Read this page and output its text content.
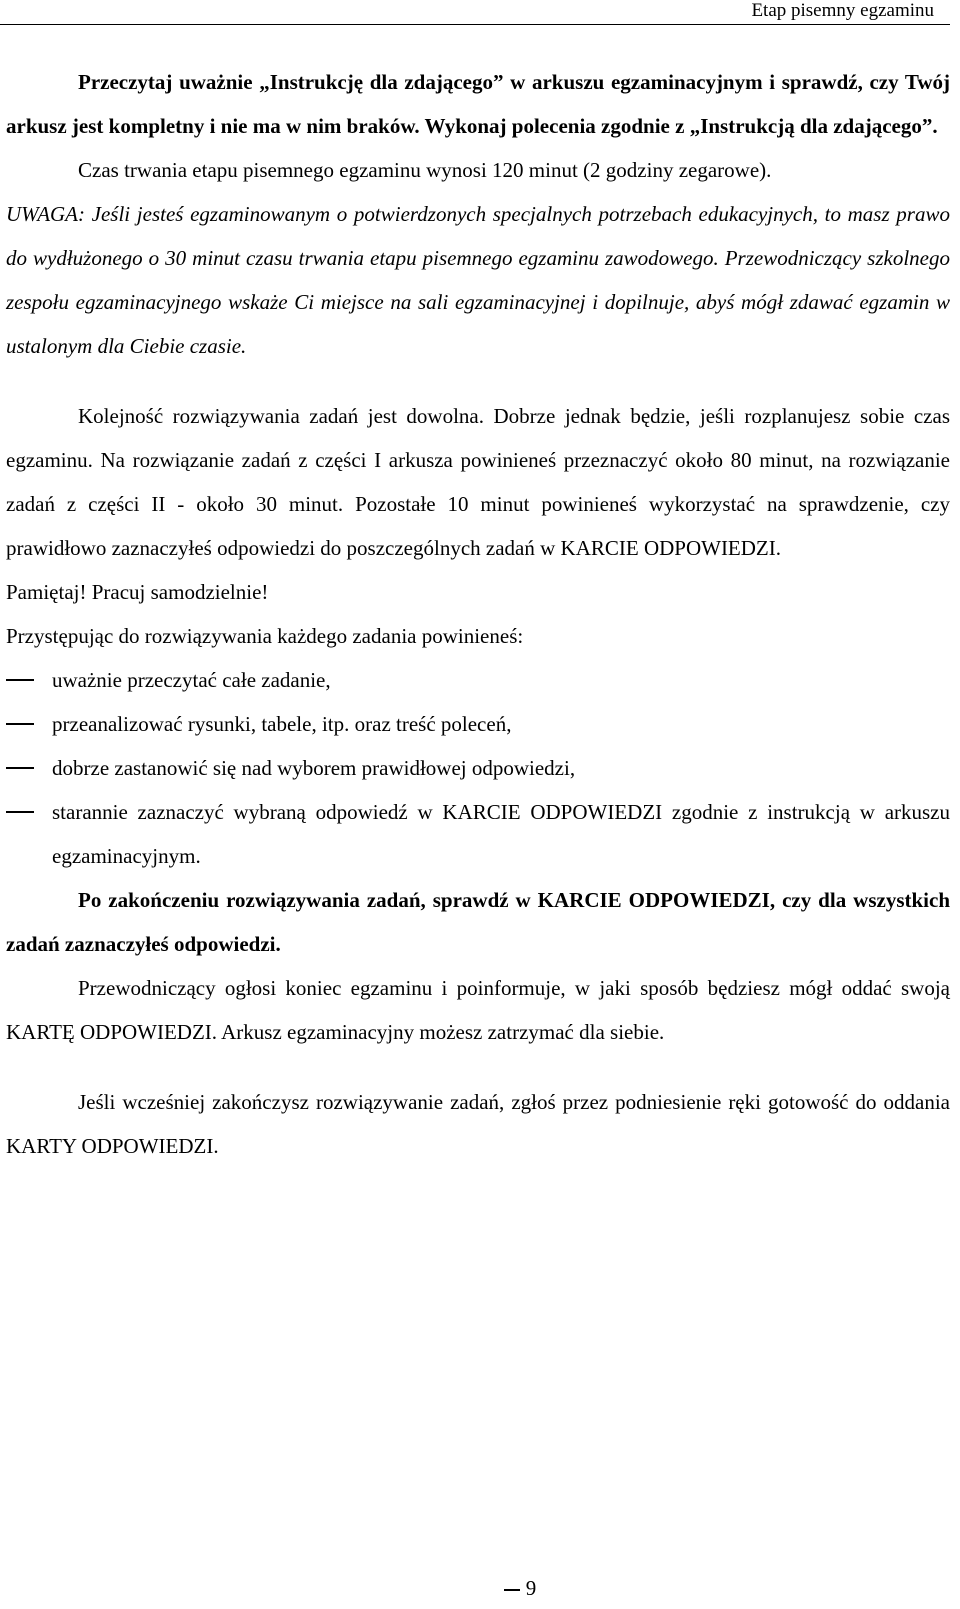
Etap pisemny egzaminu

Przeczytaj uważnie „Instrukcję dla zdającego” w arkuszu egzaminacyjnym i sprawdź, czy Twój arkusz jest kompletny i nie ma w nim braków. Wykonaj polecenia zgodnie z „Instrukcją dla zdającego”.

Czas trwania etapu pisemnego egzaminu wynosi 120 minut (2 godziny zegarowe).

UWAGA: Jeśli jesteś egzaminowanym o potwierdzonych specjalnych potrzebach edukacyjnych, to masz prawo do wydłużonego o 30 minut czasu trwania etapu pisemnego egzaminu zawodowego. Przewodniczący szkolnego zespołu egzaminacyjnego wskaże Ci miejsce na sali egzaminacyjnej i dopilnuje, abyś mógł zdawać egzamin w ustalonym dla Ciebie czasie.

Kolejność rozwiązywania zadań jest dowolna. Dobrze jednak będzie, jeśli rozplanujesz sobie czas egzaminu. Na rozwiązanie zadań z części I arkusza powinieneś przeznaczyć około 80 minut, na rozwiązanie zadań z części II - około 30 minut. Pozostałe 10 minut powinieneś wykorzystać na sprawdzenie, czy prawidłowo zaznaczyłeś odpowiedzi do poszczególnych zadań w KARCIE ODPOWIEDZI.

Pamiętaj! Pracuj samodzielnie!

Przystępując do rozwiązywania każdego zadania powinieneś:

uważnie przeczytać całe zadanie,
przeanalizować rysunki, tabele, itp. oraz treść poleceń,
dobrze zastanowić się nad wyborem prawidłowej odpowiedzi,
starannie zaznaczyć wybraną odpowiedź w KARCIE ODPOWIEDZI zgodnie z instrukcją w arkuszu egzaminacyjnym.

Po zakończeniu rozwiązywania zadań, sprawdź w KARCIE ODPOWIEDZI, czy dla wszystkich zadań zaznaczyłeś odpowiedzi.

Przewodniczący ogłosi koniec egzaminu i poinformuje, w jaki sposób będziesz mógł oddać swoją KARTĘ ODPOWIEDZI. Arkusz egzaminacyjny możesz zatrzymać dla siebie.

Jeśli wcześniej zakończysz rozwiązywanie zadań, zgłoś przez podniesienie ręki gotowość do oddania KARTY ODPOWIEDZI.

9
